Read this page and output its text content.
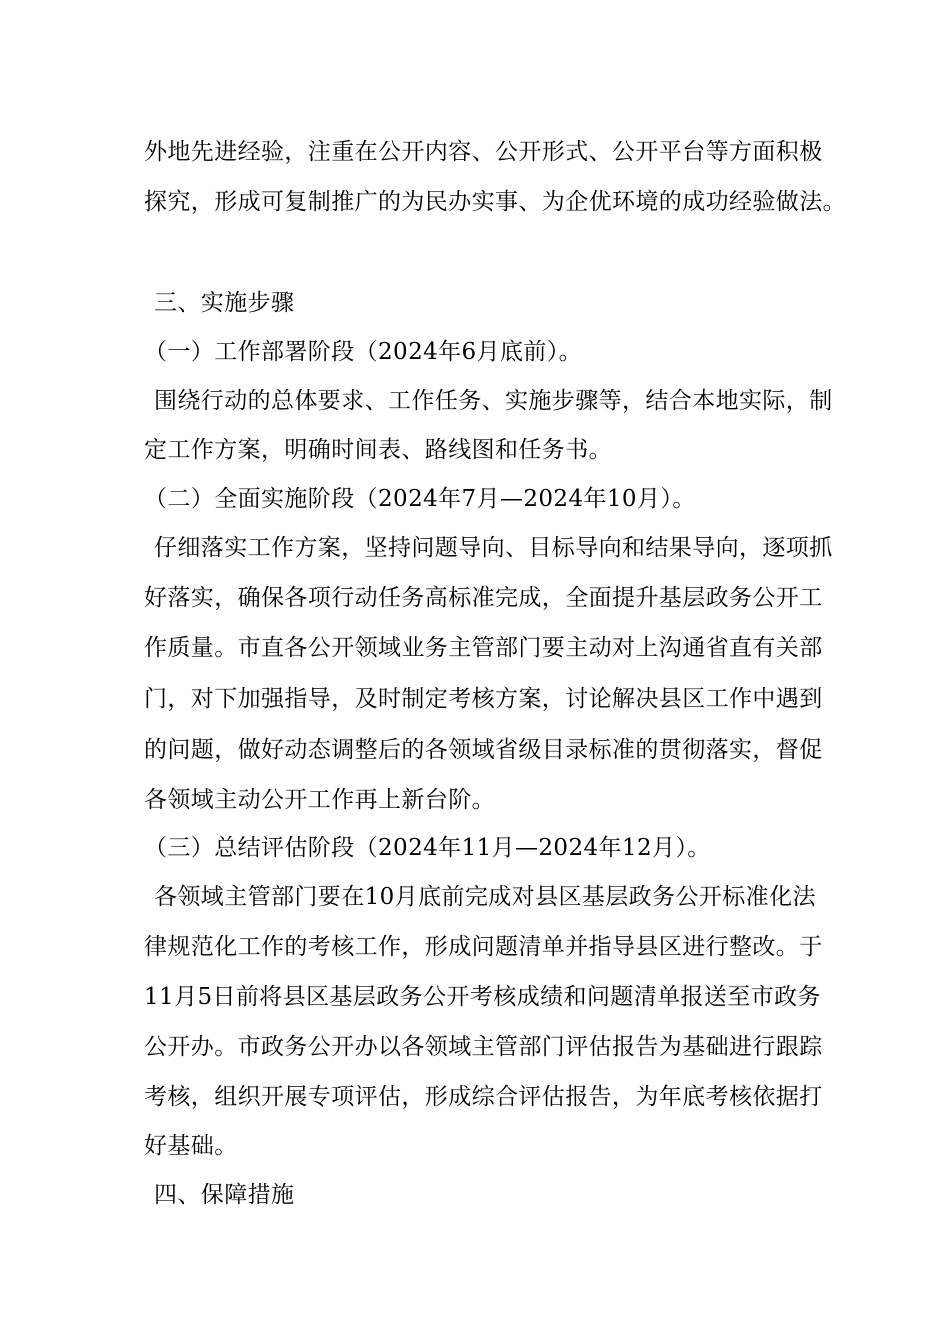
外地先进经验，注重在公开内容、公开形式、公开平台等方面积极
探究，形成可复制推广的为民办实事、为企优环境的成功经验做法。
三、实施步骤
（一）工作部署阶段（2024年6月底前）。
围绕行动的总体要求、工作任务、实施步骤等，结合本地实际，制
定工作方案，明确时间表、路线图和任务书。
（二）全面实施阶段（2024年7月—2024年10月）。
仔细落实工作方案，坚持问题导向、目标导向和结果导向，逐项抓
好落实，确保各项行动任务高标准完成，全面提升基层政务公开工
作质量。市直各公开领域业务主管部门要主动对上沟通省直有关部
门，对下加强指导，及时制定考核方案，讨论解决县区工作中遇到
的问题，做好动态调整后的各领域省级目录标准的贯彻落实，督促
各领域主动公开工作再上新台阶。
（三）总结评估阶段（2024年11月—2024年12月）。
各领域主管部门要在10月底前完成对县区基层政务公开标准化法
律规范化工作的考核工作，形成问题清单并指导县区进行整改。于
11月5日前将县区基层政务公开考核成绩和问题清单报送至市政务
公开办。市政务公开办以各领域主管部门评估报告为基础进行跟踪
考核，组织开展专项评估，形成综合评估报告，为年底考核依据打
好基础。
四、保障措施
